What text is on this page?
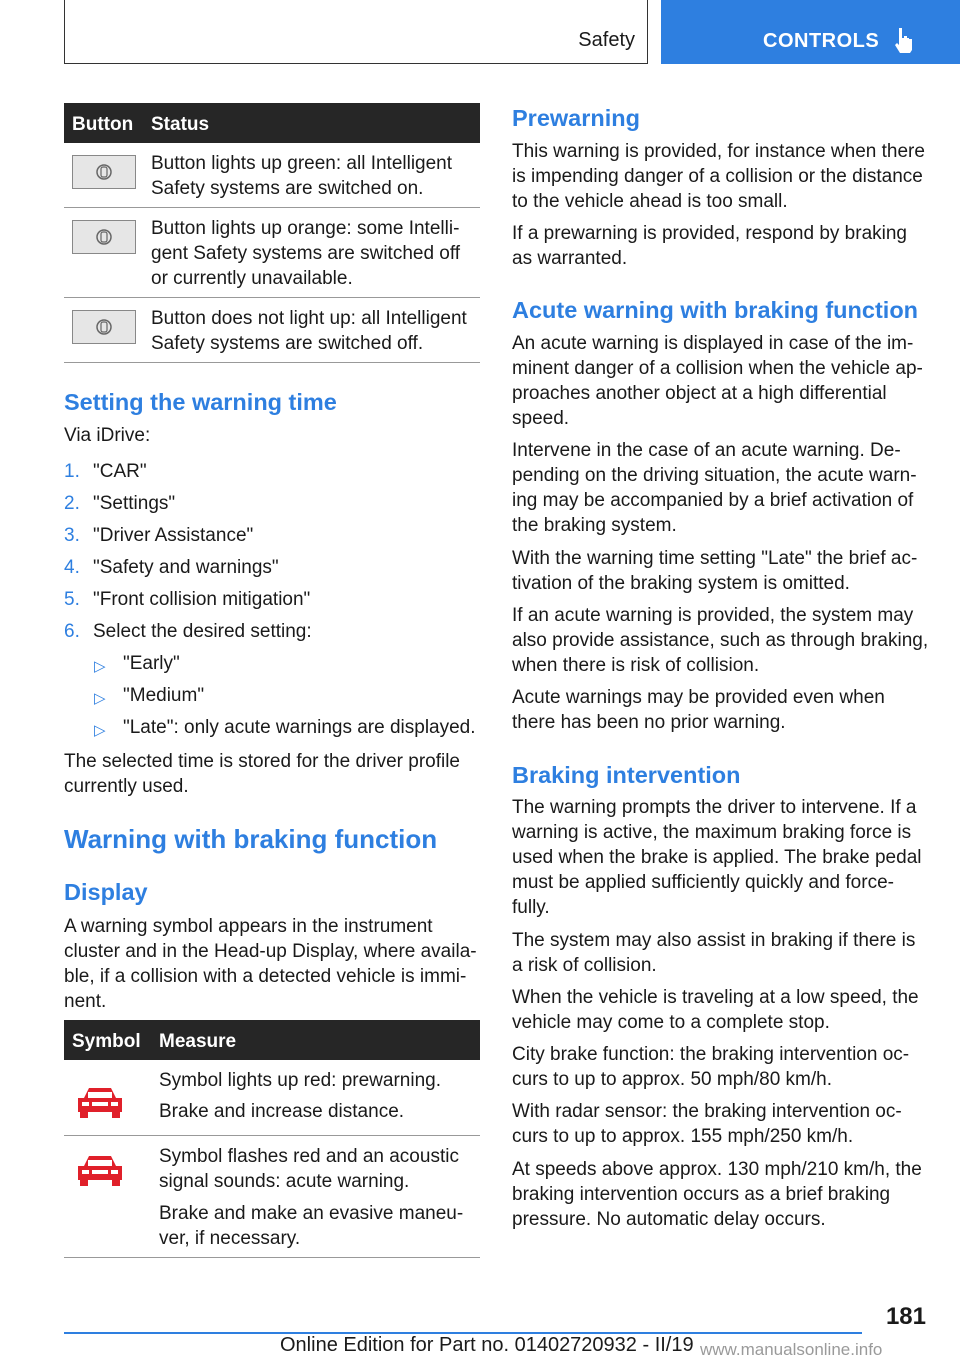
Safety	CONTROLS
Button Status
Button lights up green: all Intelligent
Safety systems are switched on.
Button lights up orange: some Intelli-
gent Safety systems are switched off
or currently unavailable.
Button does not light up: all Intelligent
Safety systems are switched off.
Setting the warning time

Via iDrive:

1. "CAR"
2. "Settings"
3. "Driver Assistance"
4. "Safety and warnings"
5. "Front collision mitigation"
6. Select the desired setting:
▷ "Early"
▷ "Medium"
▷ "Late": only acute warnings are displayed.
The selected time is stored for the driver profile
currently used.
Warning with braking function
Display
A warning symbol appears in the instrument
cluster and in the Head-up Display, where availa-
ble, if a collision with a detected vehicle is immi-
nent.
Symbol Measure
Symbol lights up red: prewarning.
Brake and increase distance.
Symbol flashes red and an acoustic
signal sounds: acute warning.
Brake and make an evasive maneu-
ver, if necessary.
Prewarning
This warning is provided, for instance when there
is impending danger of a collision or the distance
to the vehicle ahead is too small.
If a prewarning is provided, respond by braking
as warranted.
Acute warning with braking function
An acute warning is displayed in case of the im-
minent danger of a collision when the vehicle ap-
proaches another object at a high differential
speed.
Intervene in the case of an acute warning. De-
pending on the driving situation, the acute warn-
ing may be accompanied by a brief activation of
the braking system.
With the warning time setting "Late" the brief ac-
tivation of the braking system is omitted.
If an acute warning is provided, the system may
also provide assistance, such as through braking,
when there is risk of collision.
Acute warnings may be provided even when
there has been no prior warning.
Braking intervention
The warning prompts the driver to intervene. If a
warning is active, the maximum braking force is
used when the brake is applied. The brake pedal
must be applied sufficiently quickly and force-
fully.
The system may also assist in braking if there is
a risk of collision.
When the vehicle is traveling at a low speed, the
vehicle may come to a complete stop.
City brake function: the braking intervention oc-
curs to up to approx. 50 mph/80 km/h.
With radar sensor: the braking intervention oc-
curs to up to approx. 155 mph/250 km/h.
At speeds above approx. 130 mph/210 km/h, the
braking intervention occurs as a brief braking
pressure. No automatic delay occurs.
181
Online Edition for Part no. 01402720932 - II/19 www.manualsonline.info
